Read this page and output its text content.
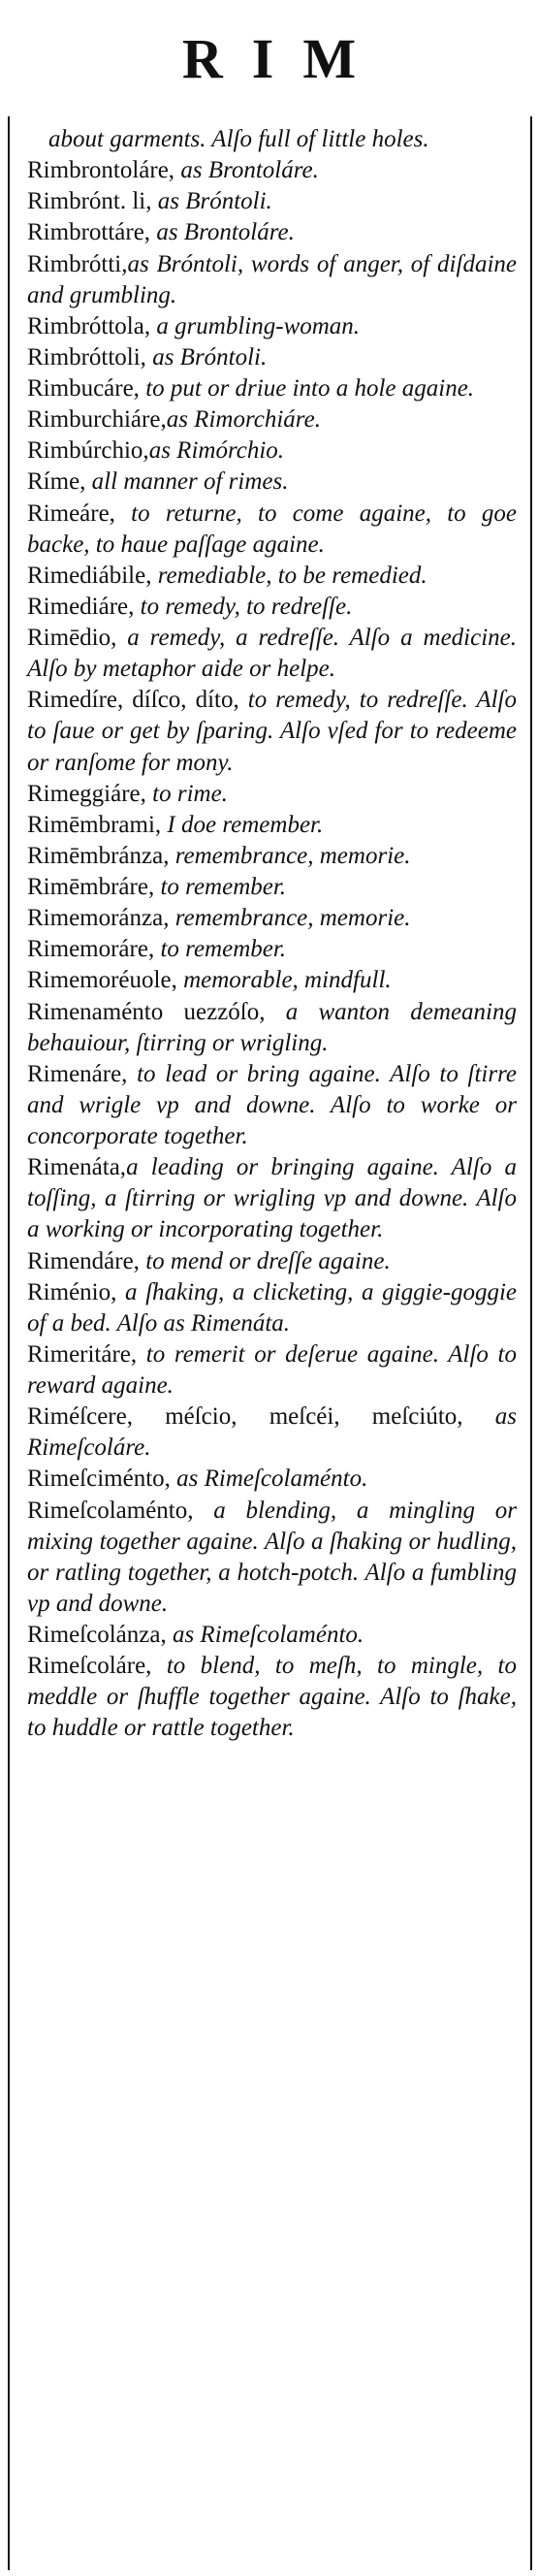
RIM
about garments. Alſo full of little holes.
Rimbrontoláre, as Brontoláre.
Rimbrónt. li, as Bróntoli.
Rimbrottáre, as Brontoláre.
Rimbrótti,as Bróntoli, words of anger, of diſdaine and grumbling.
Rimbróttola, a grumbling-woman.
Rimbróttoli, as Bróntoli.
Rimbucáre, to put or driue into a hole againe.
Rimburchiáre,as Rimorchiáre.
Rimbúrchio,as Rimórchio.
Ríme, all manner of rimes.
Rimeáre, to returne, to come againe, to goe backe, to haue paſſage againe.
Rimediábile, remediable, to be remedied.
Rimediáre, to remedy, to redreſſe.
Rimēdio, a remedy, a redreſſe. Alſo a medicine. Alſo by metaphor aide or helpe.
Rimedíre, díſco, díto, to remedy, to redreſſe. Alſo to ſaue or get by ſparing. Alſo vſed for to redeeme or ranſome for mony.
Rimeggiáre, to rime.
Rimēmbrami, I doe remember.
Rimēmbránza, remembrance, memorie.
Rimēmbráre, to remember.
Rimemoránza, remembrance, memorie.
Rimemoráre, to remember.
Rimemoréuole, memorable, mindfull.
Rimenaménto uezzóſo, a wanton demeaning behauiour, ſtirring or wrigling.
Rimenáre, to lead or bring againe. Alſo to ſtirre and wrigle vp and downe. Alſo to worke or concorporate together.
Rimenáta,a leading or bringing againe. Alſo a toſſing, a ſtirring or wrigling vp and downe. Alſo a working or incorporating together.
Rimendáre, to mend or dreſſe againe.
Riménio, a ſhaking, a clicketing, a giggie-goggie of a bed. Alſo as Rimenáta.
Rimeritáre, to remerit or deſerue againe. Alſo to reward againe.
Riméſcere, méſcio, meſcéi, meſciúto, as Rimeſcoláre.
Rimeſciménto, as Rimeſcolaménto.
Rimeſcolaménto, a blending, a mingling or mixing together againe. Alſo a ſhaking or hudling, or ratling together, a hotch-potch. Alſo a fumbling vp and downe.
Rimeſcolánza, as Rimeſcolaménto.
Rimeſcoláre, to blend, to meſh, to mingle, to meddle or ſhuffle together againe. Alſo to ſhake, to huddle or rattle together.
